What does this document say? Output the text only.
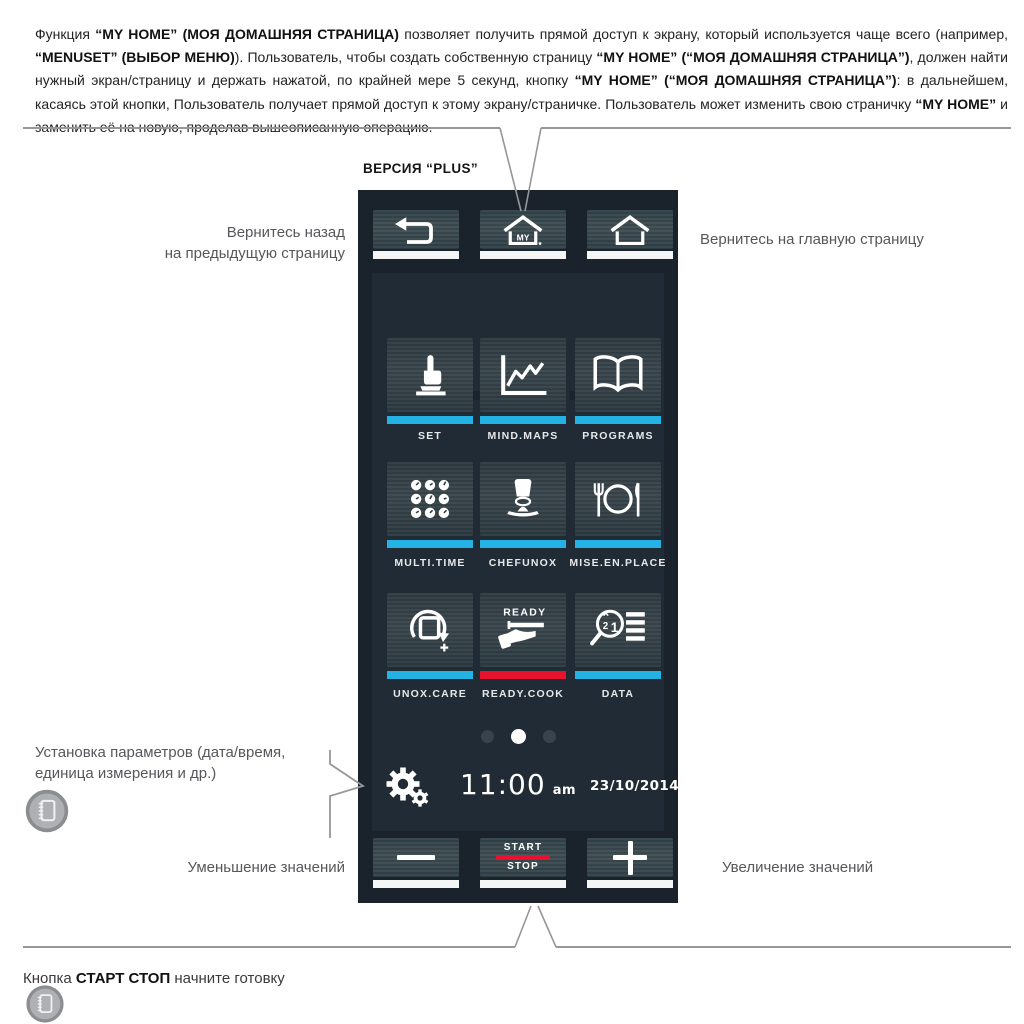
Функция “MY HOME” (МОЯ ДОМАШНЯЯ СТРАНИЦА) позволяет получить прямой доступ к экрану, который используется чаще всего (например, “MENUSET” (ВЫБОР МЕНЮ)). Пользователь, чтобы создать собственную страницу “MY HOME” (“МОЯ ДОМАШНЯЯ СТРАНИЦА”), должен найти нужный экран/страницу и держать нажатой, по крайней мере 5 секунд, кнопку “MY HOME” (“МОЯ ДОМАШНЯЯ СТРАНИЦА”): в дальнейшем, касаясь этой кнопки, Пользователь получает прямой доступ к этому экрану/страничке. Пользователь может изменить свою страничку “MY HOME” и заменить её на новую, проделав вышеописанную операцию.

ВЕРСИЯ “PLUS”
Вернитесь назад
на предыдущую страницу
Вернитесь на главную страницу
Установка параметров (дата/время,
единица измерения и др.)
Уменьшение значений	Увеличение значений

Кнопка СТАРТ СТОП начните готовку

MY
SET	MIND.MAPS	PROGRAMS
MULTI.TIME	CHEFUNOX	MISE.EN.PLACE
UNOX.CARE
READY
READY.COOK
2 1
DATA
11:00 am	23/10/2014
START
STOP
